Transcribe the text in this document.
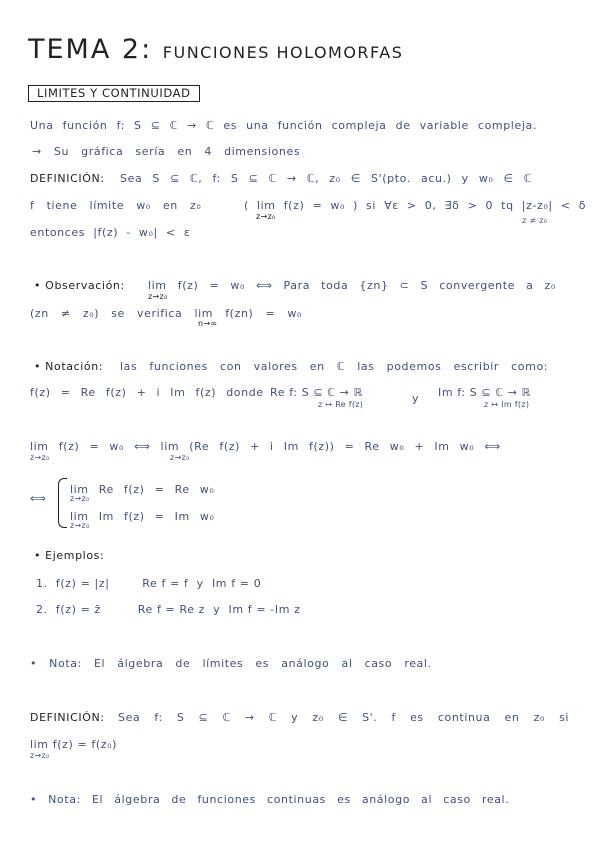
TEMA 2: FUNCIONES HOLOMORFAS
LIMITES Y CONTINUIDAD
Una función f: S ⊆ ℂ → ℂ es una función compleja de variable compleja.
→ Su gráfica sería en 4 dimensiones
DEFINICIÓN: Sea S ⊆ ℂ, f: S ⊆ ℂ → ℂ, z₀ ∈ S'(pto. acu.) y w₀ ∈ ℂ
f tiene límite w₀ en z₀	( lim f(z) = w₀ ) si ∀ε > 0, ∃δ > 0 tq |z-z₀| < δ
z→z₀	z ≠ z₀
entonces |f(z) - w₀| < ε
• Observación: lim f(z) = w₀ ⟺ Para toda {zn} ⊂ S convergente a z₀
z→z₀
(zn ≠ z₀) se verifica lim f(zn) = w₀
n→∞
• Notación: las funciones con valores en ℂ las podemos escribir como:
f(z) = Re f(z) + i Im f(z) donde Re f: S ⊆ ℂ → ℝ
z ↦ Re f(z)	y Im f: S ⊆ ℂ → ℝ
z ↦ Im f(z)
lim f(z) = w₀ ⟺ lim (Re f(z) + i Im f(z)) = Re w₀ + Im w₀ ⟺
z→z₀	z→z₀
⟺
lim Re f(z) = Re w₀
z→z₀
lim Im f(z) = Im w₀
z→z₀
• Ejemplos:
1.  f(z) = |z|        Re f = f  y  Im f = 0
2.  f(z) = z̄         Re f = Re z  y  Im f = -Im z
• Nota: El álgebra de límites es análogo al caso real.
DEFINICIÓN: Sea f: S ⊆ ℂ → ℂ y z₀ ∈ S'. f es continua en z₀ si
lim f(z) = f(z₀)
z→z₀
• Nota: El álgebra de funciones continuas es análogo al caso real.
